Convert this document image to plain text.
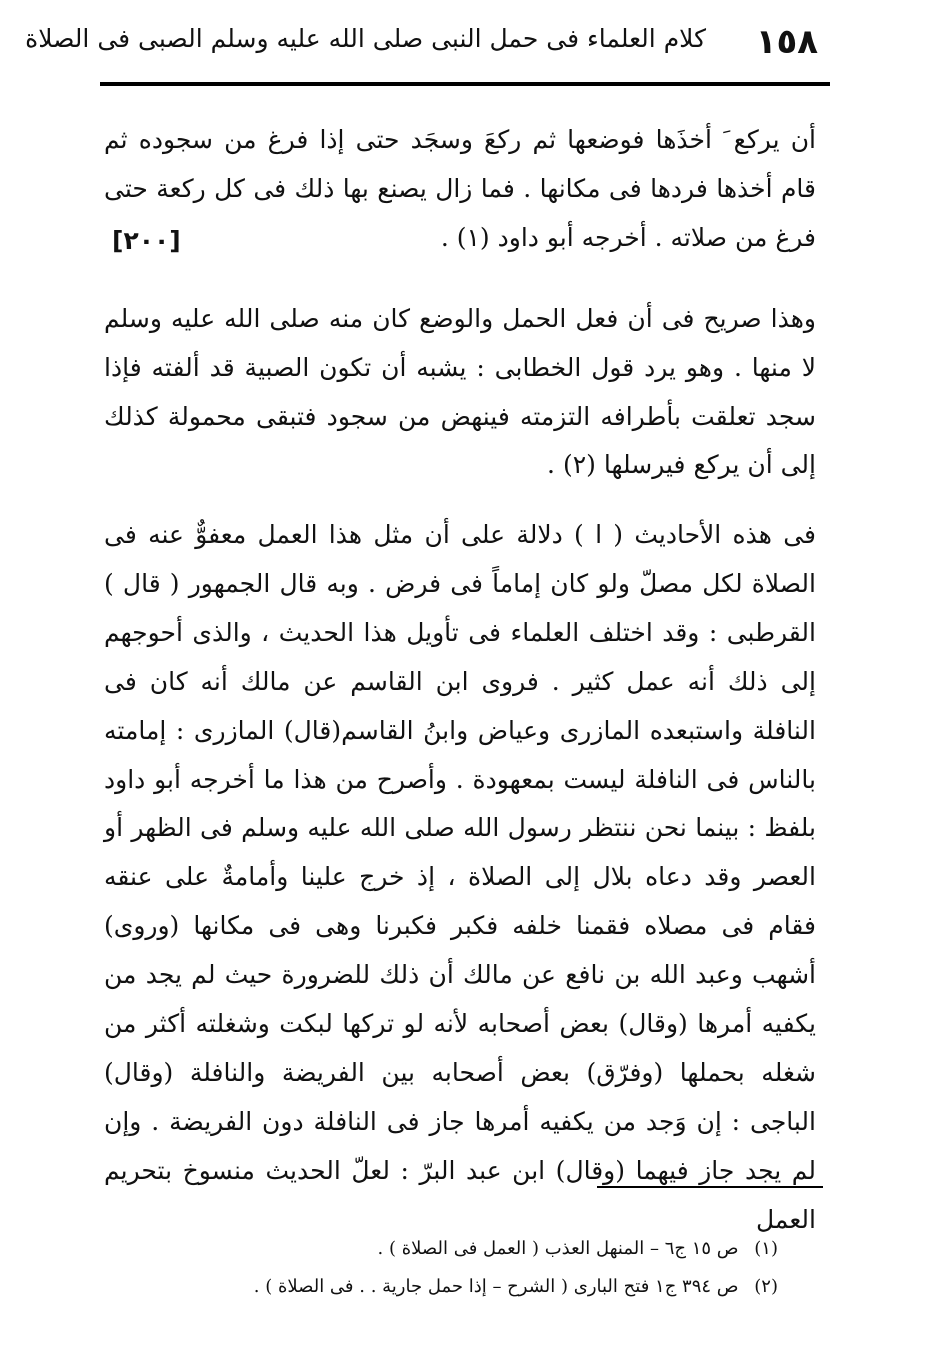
١٥٨
كلام العلماء فى حمل النبى صلى الله عليه وسلم الصبى فى الصلاة

أن يركع َ أخذَها فوضعها ثم ركعَ وسجَد حتى إذا فرغ من سجوده ثم قام أخذها فردها فى مكانها . فما زال يصنع بها ذلك فى كل ركعة حتى فرغ من صلاته . أخرجه أبو داود (١) .

[٢٠٠]

وهذا صريح فى أن فعل الحمل والوضع كان منه صلى الله عليه وسلم لا منها . وهو يرد قول الخطابى : يشبه أن تكون الصبية قد ألفته فإذا سجد تعلقت بأطرافه التزمته فينهض من سجود فتبقى محمولة كذلك إلى أن يركع فيرسلها (٢) .

فى هذه الأحاديث ( ا ) دلالة على أن مثل هذا العمل معفوٌّ عنه فى الصلاة لكل مصلّ ولو كان إماماً فى فرض . وبه قال الجمهور ( قال ) القرطبى : وقد اختلف العلماء فى تأويل هذا الحديث ، والذى أحوجهم إلى ذلك أنه عمل كثير . فروى ابن القاسم عن مالك أنه كان فى النافلة واستبعده المازرى وعياض وابنُ القاسم(قال) المازرى : إمامته بالناس فى النافلة ليست بمعهودة . وأصرح من هذا ما أخرجه أبو داود بلفظ : بينما نحن ننتظر رسول الله صلى الله عليه وسلم فى الظهر أو العصر وقد دعاه بلال إلى الصلاة ، إذ خرج علينا وأمامةٌ على عنقه فقام فى مصلاه فقمنا خلفه فكبر فكبرنا وهى فى مكانها (وروى) أشهب وعبد الله بن نافع عن مالك أن ذلك للضرورة حيث لم يجد من يكفيه أمرها (وقال) بعض أصحابه لأنه لو تركها لبكت وشغلته أكثر من شغله بحملها (وفرّق) بعض أصحابه بين الفريضة والنافلة (وقال) الباجى : إن وَجد من يكفيه أمرها جاز فى النافلة دون الفريضة . وإن لم يجد جاز فيهما (وقال) ابن عبد البرّ : لعلّ الحديث منسوخ بتحريم العمل

(١) ص ١٥ ج٦ – المنهل العذب ( العمل فى الصلاة ) .
(٢) ص ٣٩٤ ج١ فتح البارى ( الشرح – إذا حمل جارية . . فى الصلاة ) .
